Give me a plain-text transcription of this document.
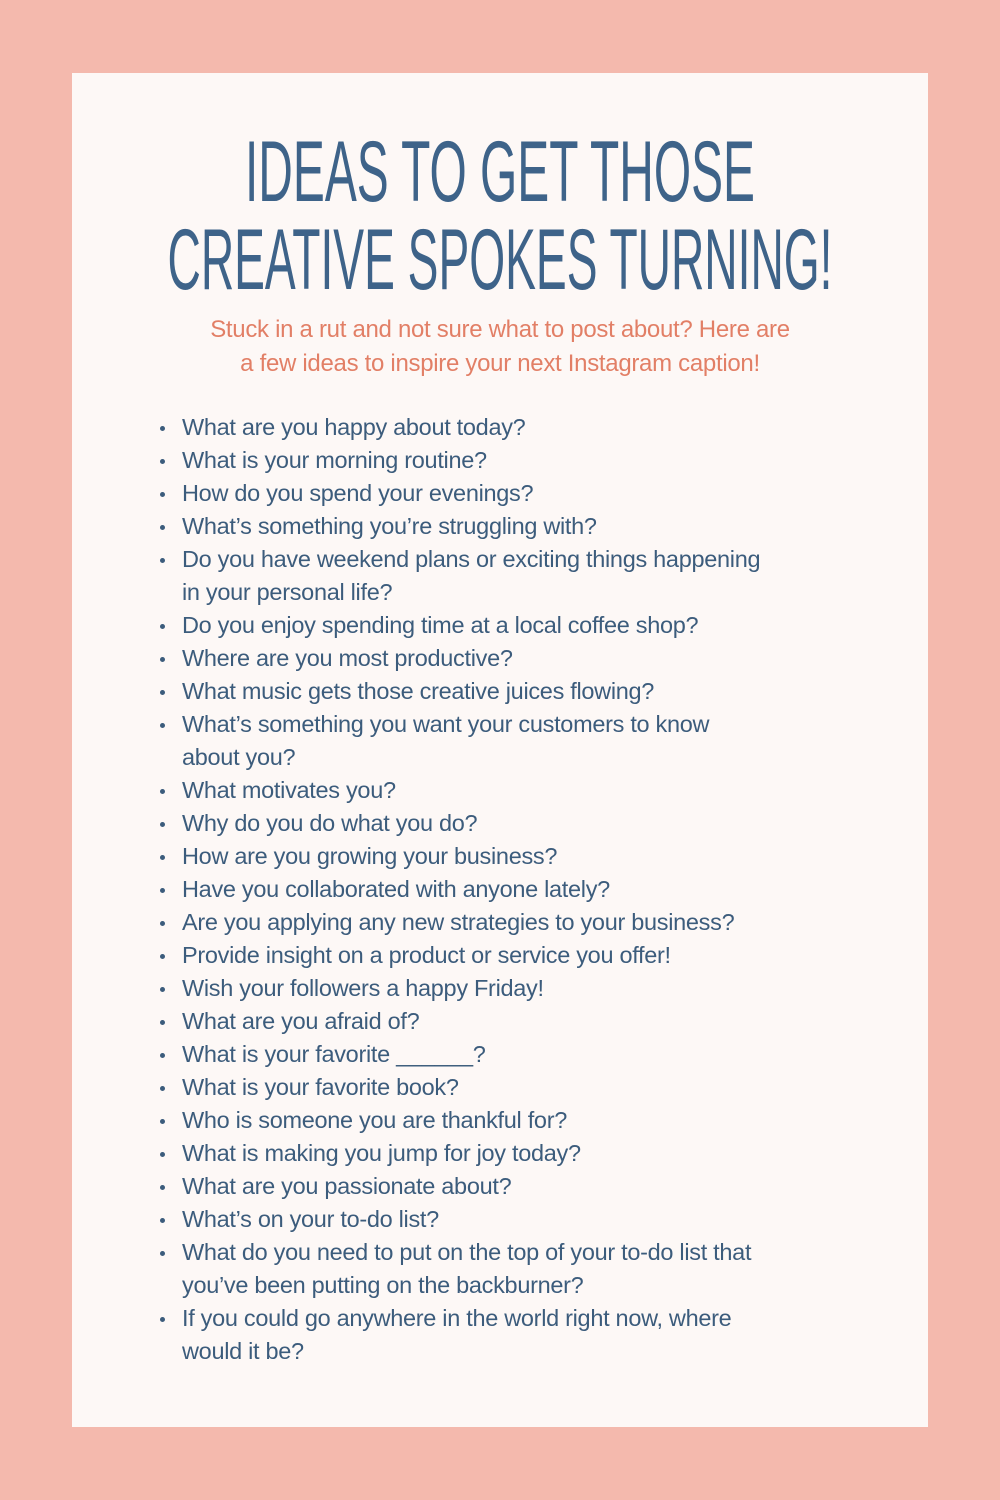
IDEAS TO GET THOSE
CREATIVE SPOKES TURNING!
Stuck in a rut and not sure what to post about? Here are
a few ideas to inspire your next Instagram caption!
What are you happy about today?
What is your morning routine?
How do you spend your evenings?
What’s something you’re struggling with?
Do you have weekend plans or exciting things happening
in your personal life?
Do you enjoy spending time at a local coffee shop?
Where are you most productive?
What music gets those creative juices flowing?
What’s something you want your customers to know
about you?
What motivates you?
Why do you do what you do?
How are you growing your business?
Have you collaborated with anyone lately?
Are you applying any new strategies to your business?
Provide insight on a product or service you offer!
Wish your followers a happy Friday!
What are you afraid of?
What is your favorite ______?
What is your favorite book?
Who is someone you are thankful for?
What is making you jump for joy today?
What are you passionate about?
What’s on your to-do list?
What do you need to put on the top of your to-do list that
you’ve been putting on the backburner?
If you could go anywhere in the world right now, where
would it be?
